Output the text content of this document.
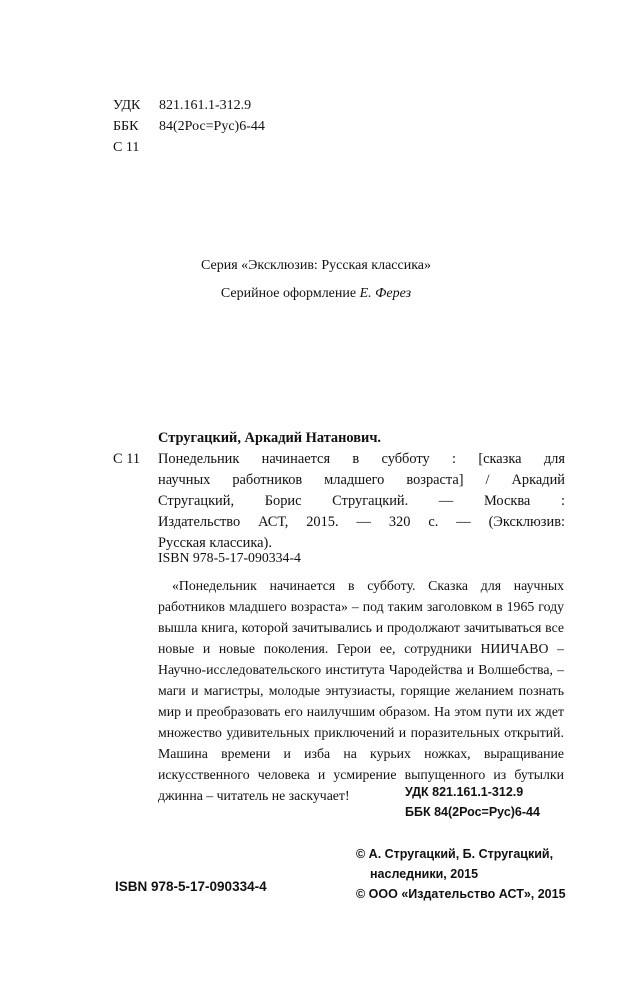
УДК	821.161.1-312.9
ББК	84(2Рос=Рус)6-44
С 11
Серия «Эксклюзив: Русская классика»
Серийное оформление Е. Ферез
Стругацкий, Аркадий Натанович.
С 11	Понедельник начинается в субботу : [сказка для
научных работников младшего возраста] / Аркадий
Стругацкий, Борис Стругацкий. — Москва :
Издательство АСТ, 2015. — 320 с. — (Эксклюзив:
Русская классика).
ISBN 978-5-17-090334-4

«Понедельник начинается в субботу. Сказка для научных работников младшего возраста» – под таким заголовком в 1965 году вышла книга, которой зачитывались и продолжают зачитываться все новые и новые поколения. Герои ее, сотрудники НИИЧАВО – Научно-исследовательского института Чародейства и Волшебства, – маги и магистры, молодые энтузиасты, горящие желанием познать мир и преобразовать его наилучшим образом. На этом пути их ждет множество удивительных приключений и поразительных открытий. Машина времени и изба на курьих ножках, выращивание искусственного человека и усмирение выпущенного из бутылки джинна – читатель не заскучает!	УДК 821.161.1-312.9
ББК 84(2Рос=Рус)6-44
© А. Стругацкий, Б. Стругацкий,
наследники, 2015
© ООО «Издательство АСТ», 2015
ISBN 978-5-17-090334-4
